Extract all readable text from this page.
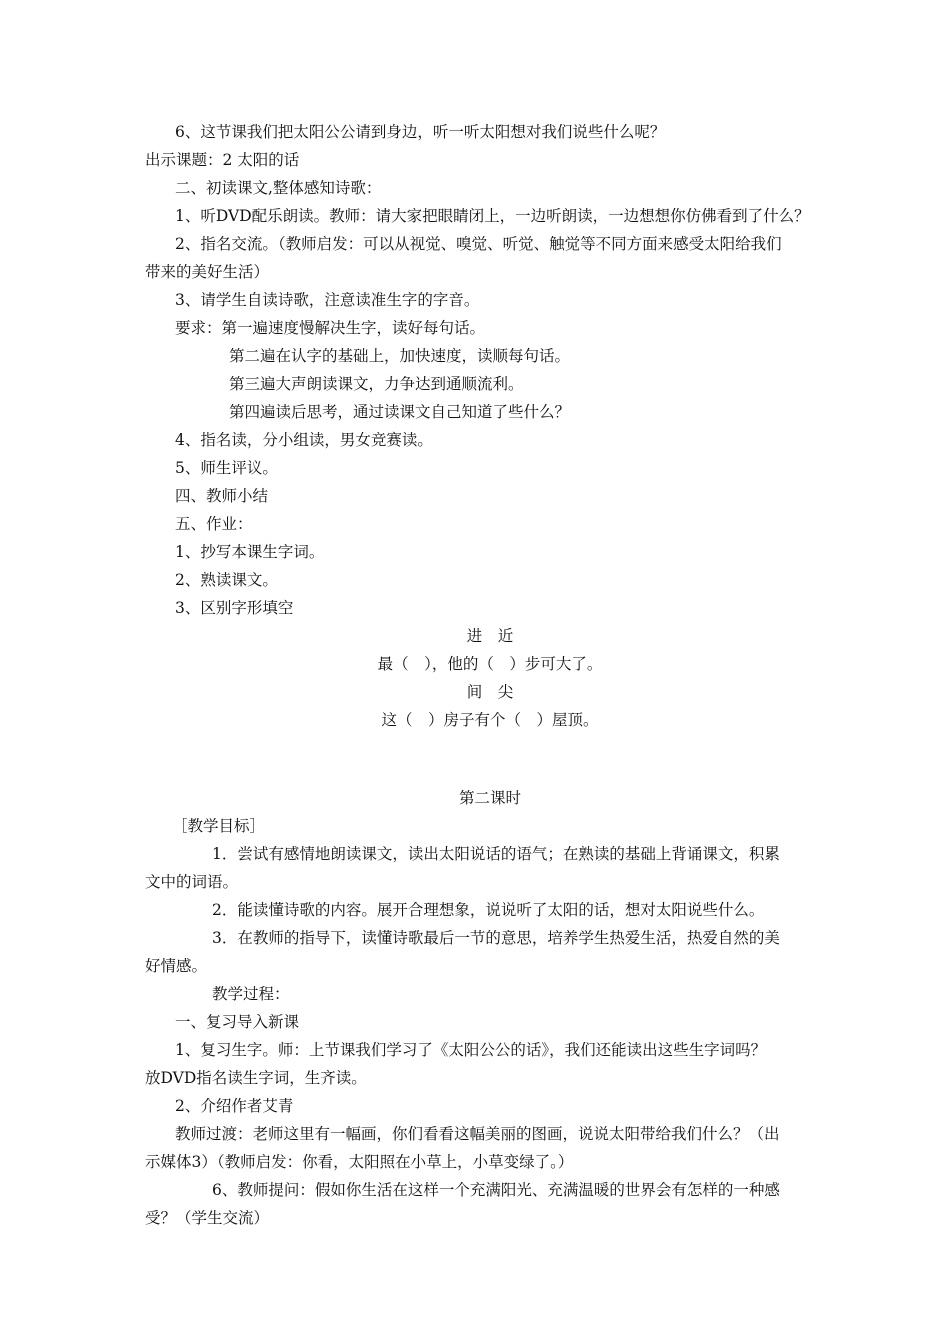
6、这节课我们把太阳公公请到身边，听一听太阳想对我们说些什么呢？
出示课题：2 太阳的话
二、初读课文,整体感知诗歌：
1、听DVD配乐朗读。教师：请大家把眼睛闭上，一边听朗读，一边想想你仿佛看到了什么？
2、指名交流。（教师启发：可以从视觉、嗅觉、听觉、触觉等不同方面来感受太阳给我们
带来的美好生活）
3、请学生自读诗歌，注意读准生字的字音。
要求：第一遍速度慢解决生字，读好每句话。
第二遍在认字的基础上，加快速度，读顺每句话。
第三遍大声朗读课文，力争达到通顺流利。
第四遍读后思考，通过读课文自己知道了些什么？
4、指名读，分小组读，男女竞赛读。
5、师生评议。
四、教师小结
五、作业：
1、抄写本课生字词。
2、熟读课文。
3、区别字形填空
进　近
最（　），他的（　）步可大了。
间　尖
这（　）房子有个（　）屋顶。
第二课时
［教学目标］
1．尝试有感情地朗读课文，读出太阳说话的语气；在熟读的基础上背诵课文，积累
文中的词语。
2．能读懂诗歌的内容。展开合理想象，说说听了太阳的话，想对太阳说些什么。
3．在教师的指导下，读懂诗歌最后一节的意思，培养学生热爱生活，热爱自然的美
好情感。
教学过程：
一、复习导入新课
1、复习生字。师：上节课我们学习了《太阳公公的话》，我们还能读出这些生字词吗？
放DVD指名读生字词，生齐读。
2、介绍作者艾青
教师过渡：老师这里有一幅画，你们看看这幅美丽的图画，说说太阳带给我们什么？（出
示媒体3）（教师启发：你看，太阳照在小草上，小草变绿了。）
6、教师提问：假如你生活在这样一个充满阳光、充满温暖的世界会有怎样的一种感
受？（学生交流）
